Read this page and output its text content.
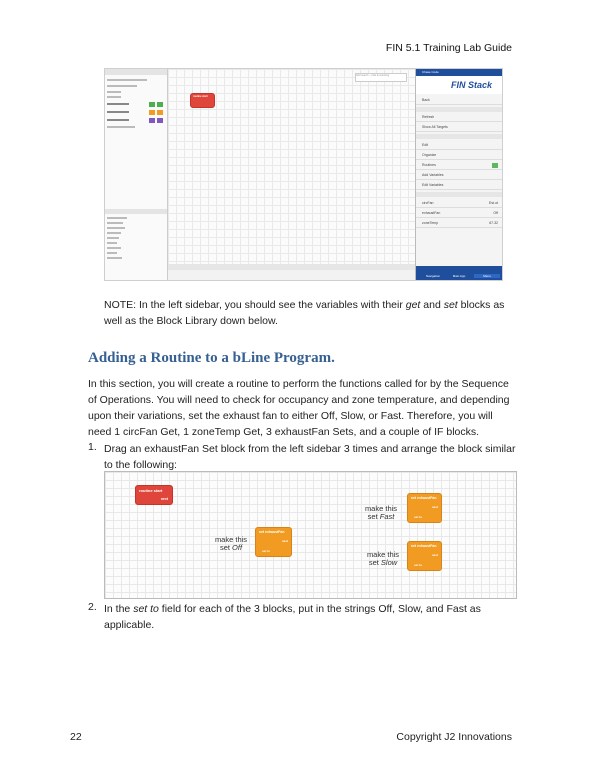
FIN 5.1 Training Lab Guide
routine start
Add search ~ hide & selecting
Chase Code
FIN Stack
Back
Refresh
Show All Targets
Edit
Organize
Routines
Add Variables
Edit Variables
circFan	Est.ot
exhaustFan	Off
zoneTemp	67.32
Navigation	Main App	Menu
NOTE: In the left sidebar, you should see the variables with their get and set blocks as well as the Block Library down below.
Adding a Routine to a bLine Program.
In this section, you will create a routine to perform the functions called for by the Sequence of Operations. You will need to check for occupancy and zone temperature, and depending upon their variations, set the exhaust fan to either Off, Slow, or Fast. Therefore, you will need 1 circFan Get, 1 zoneTemp Get, 3 exhaustFan Sets, and a couple of IF blocks.
1. Drag an exhaustFan Set block from the left sidebar 3 times and arrange the block similar to the following:
routine start
next	set exhaustFan
next
set to
set exhaustFan
next
set to
set exhaustFan
next
set to
make this
set Fast
make this
set Off
make this
set Slow
2. In the set to field for each of the 3 blocks, put in the strings Off, Slow, and Fast as applicable.
22	Copyright J2 Innovations
